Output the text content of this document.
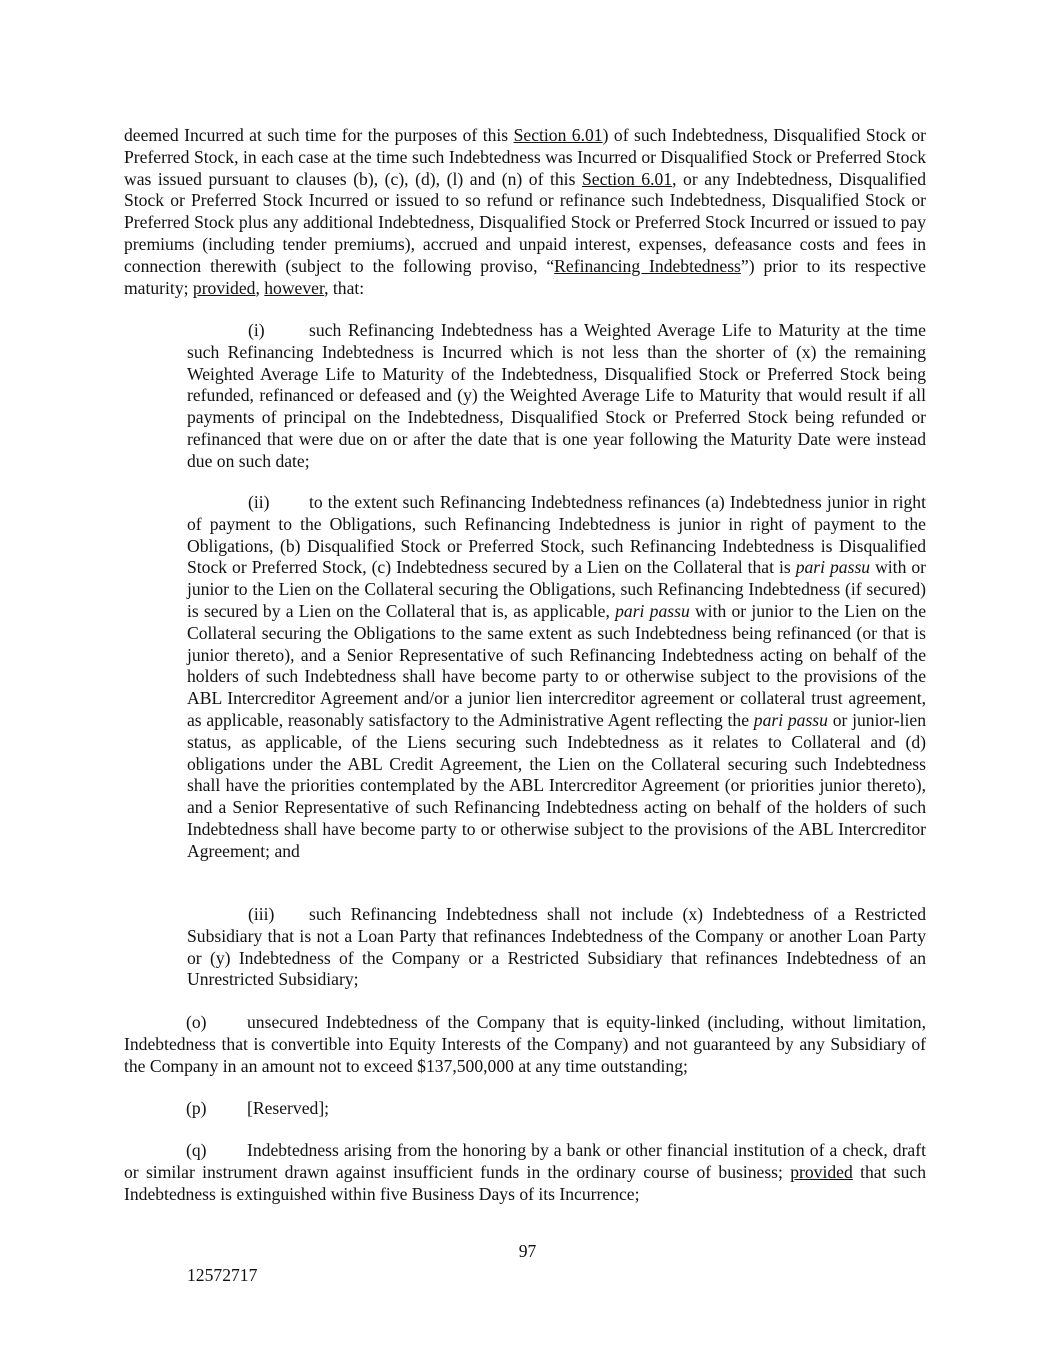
deemed Incurred at such time for the purposes of this Section 6.01) of such Indebtedness, Disqualified Stock or Preferred Stock, in each case at the time such Indebtedness was Incurred or Disqualified Stock or Preferred Stock was issued pursuant to clauses (b), (c), (d), (l) and (n) of this Section 6.01, or any Indebtedness, Disqualified Stock or Preferred Stock Incurred or issued to so refund or refinance such Indebtedness, Disqualified Stock or Preferred Stock plus any additional Indebtedness, Disqualified Stock or Preferred Stock Incurred or issued to pay premiums (including tender premiums), accrued and unpaid interest, expenses, defeasance costs and fees in connection therewith (subject to the following proviso, “Refinancing Indebtedness”) prior to its respective maturity; provided, however, that:

(i)	such Refinancing Indebtedness has a Weighted Average Life to Maturity at the time such Refinancing Indebtedness is Incurred which is not less than the shorter of (x) the remaining Weighted Average Life to Maturity of the Indebtedness, Disqualified Stock or Preferred Stock being refunded, refinanced or defeased and (y) the Weighted Average Life to Maturity that would result if all payments of principal on the Indebtedness, Disqualified Stock or Preferred Stock being refunded or refinanced that were due on or after the date that is one year following the Maturity Date were instead due on such date;

(ii) to the extent such Refinancing Indebtedness refinances (a) Indebtedness junior in right of payment to the Obligations, such Refinancing Indebtedness is junior in right of payment to the Obligations, (b) Disqualified Stock or Preferred Stock, such Refinancing Indebtedness is Disqualified Stock or Preferred Stock, (c) Indebtedness secured by a Lien on the Collateral that is pari passu with or junior to the Lien on the Collateral securing the Obligations, such Refinancing Indebtedness (if secured) is secured by a Lien on the Collateral that is, as applicable, pari passu with or junior to the Lien on the Collateral securing the Obligations to the same extent as such Indebtedness being refinanced (or that is junior thereto), and a Senior Representative of such Refinancing Indebtedness acting on behalf of the holders of such Indebtedness shall have become party to or otherwise subject to the provisions of the ABL Intercreditor Agreement and/or a junior lien intercreditor agreement or collateral trust agreement, as applicable, reasonably satisfactory to the Administrative Agent reflecting the pari passu or junior-lien status, as applicable, of the Liens securing such Indebtedness as it relates to Collateral and (d) obligations under the ABL Credit Agreement, the Lien on the Collateral securing such Indebtedness shall have the priorities contemplated by the ABL Intercreditor Agreement (or priorities junior thereto), and a Senior Representative of such Refinancing Indebtedness acting on behalf of the holders of such Indebtedness shall have become party to or otherwise subject to the provisions of the ABL Intercreditor Agreement; and

(iii) such Refinancing Indebtedness shall not include (x) Indebtedness of a Restricted Subsidiary that is not a Loan Party that refinances Indebtedness of the Company or another Loan Party or (y) Indebtedness of the Company or a Restricted Subsidiary that refinances Indebtedness of an Unrestricted Subsidiary;

(o) unsecured Indebtedness of the Company that is equity-linked (including, without limitation, Indebtedness that is convertible into Equity Interests of the Company) and not guaranteed by any Subsidiary of the Company in an amount not to exceed $137,500,000 at any time outstanding;

(p) [Reserved];

(q) Indebtedness arising from the honoring by a bank or other financial institution of a check, draft or similar instrument drawn against insufficient funds in the ordinary course of business; provided that such Indebtedness is extinguished within five Business Days of its Incurrence;

97
12572717
